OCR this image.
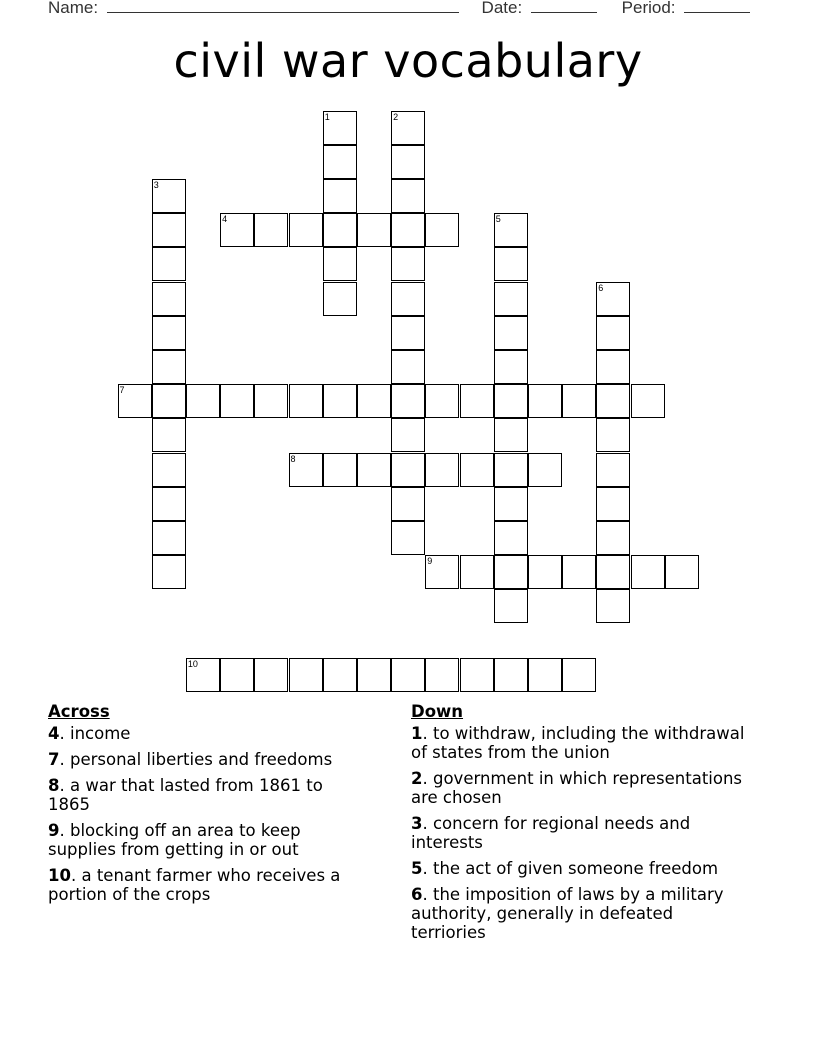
Name:	Date:	Period:
civil war vocabulary
1	2
3
4	5
6
7
8
9
10
Across
4. income
7. personal liberties and freedoms
8. a war that lasted from 1861 to 1865
9. blocking off an area to keep supplies from getting in or out
10. a tenant farmer who receives a portion of the crops
Down
1. to withdraw, including the withdrawal of states from the union
2. government in which representations are chosen
3. concern for regional needs and interests
5. the act of given someone freedom
6. the imposition of laws by a military authority, generally in defeated terriories
